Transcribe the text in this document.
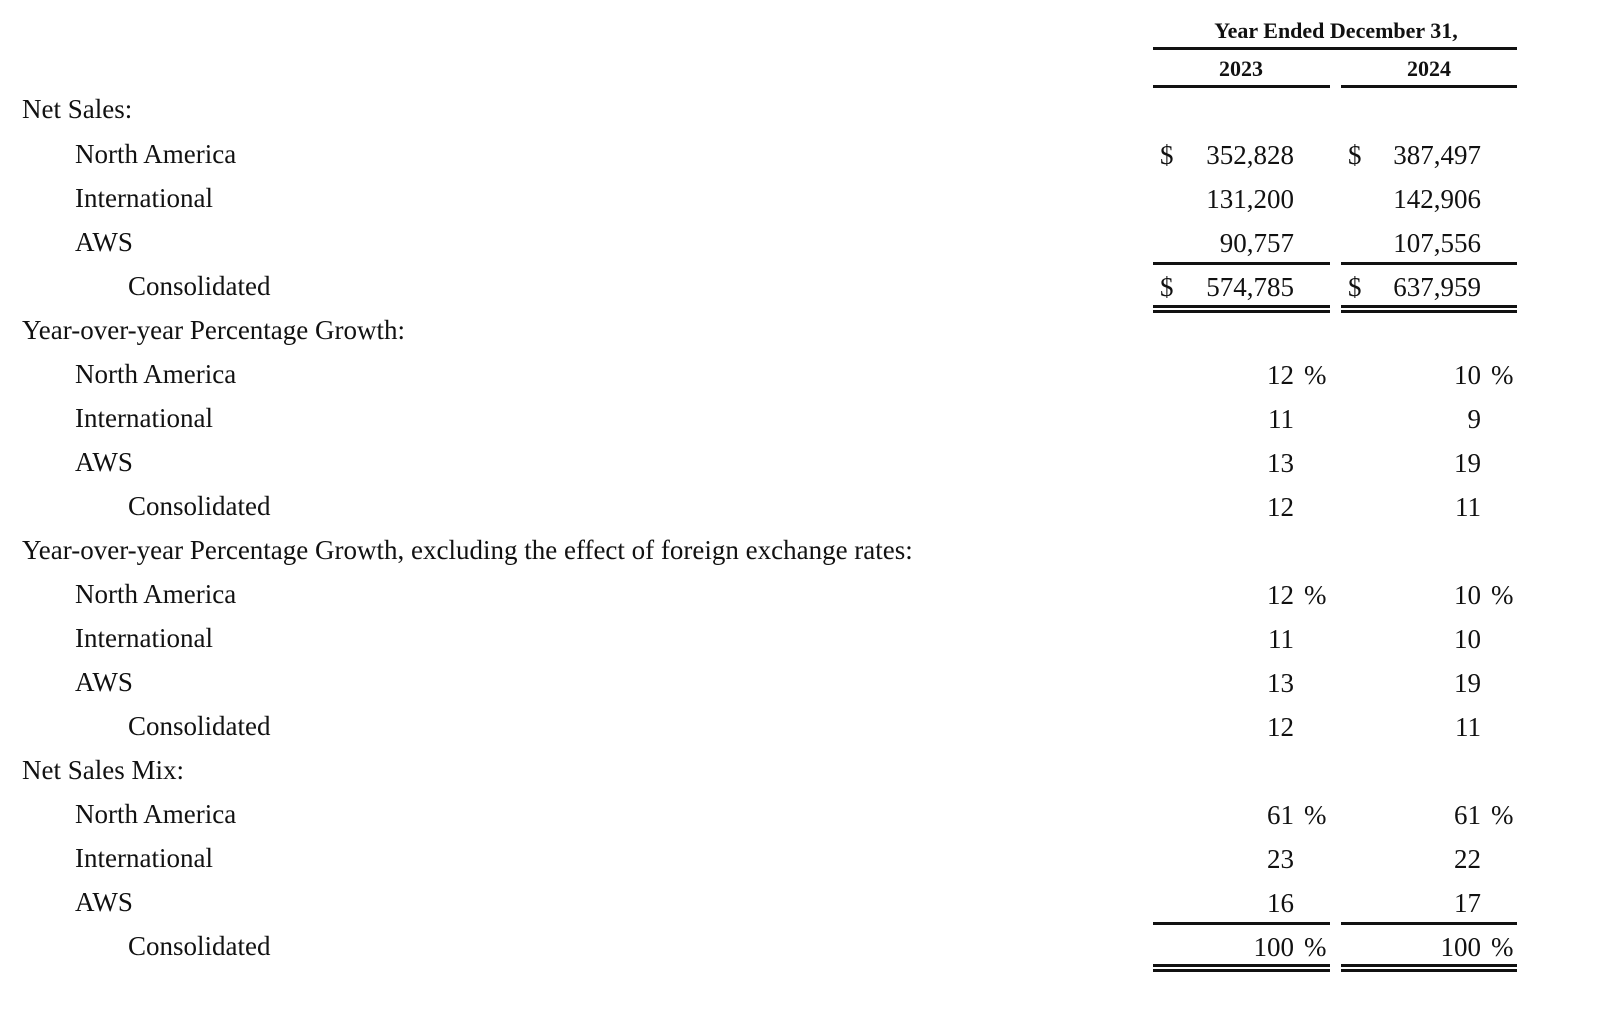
Year Ended December 31,
2023	2024
Net Sales:
North America	$	352,828 $	387,497
International	131,200	142,906
AWS	90,757	107,556
Consolidated	$	574,785 $	637,959
Year-over-year Percentage Growth:
North America	12 %	10 %
International	11	9
AWS	13	19
Consolidated	12	11
Year-over-year Percentage Growth, excluding the effect of foreign exchange rates:
North America	12 %	10 %
International	11	10
AWS	13	19
Consolidated	12	11
Net Sales Mix:
North America	61 %	61 %
International	23	22
AWS	16	17
Consolidated	100 %	100 %
